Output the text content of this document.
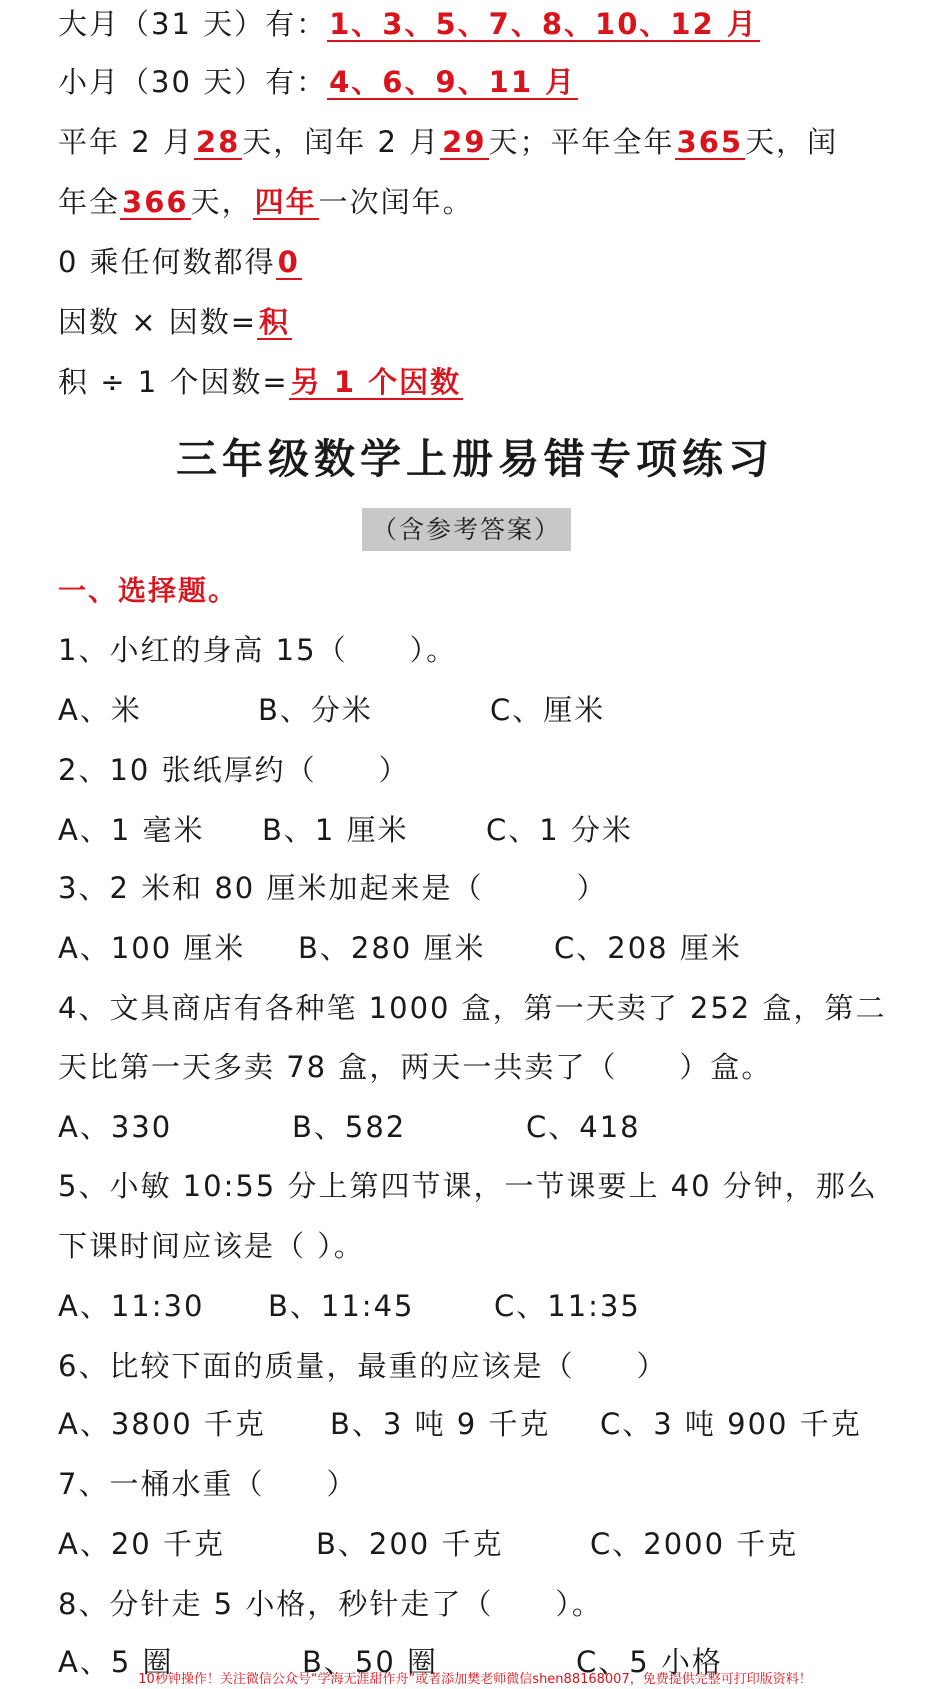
大月（31 天）有：1、3、5、7、8、10、12 月
小月（30 天）有：4、6、9、11 月
平年 2 月28天，闰年 2 月29天；平年全年365天，闰
年全366天，四年一次闰年。
0 乘任何数都得0
因数 × 因数=积
积 ÷ 1 个因数=另 1 个因数
三年级数学上册易错专项练习
（含参考答案）
一、选择题。
1、小红的身高 15（　　）。
A、米	B、分米	C、厘米
2、10 张纸厚约（　　）
A、1 毫米 B、1 厘米	C、1 分米
3、2 米和 80 厘米加起来是（　　　）
A、100 厘米 B、280 厘米 C、208 厘米
4、文具商店有各种笔 1000 盒，第一天卖了 252 盒，第二
天比第一天多卖 78 盒，两天一共卖了（　　）盒。
A、330	B、582	C、418
5、小敏 10:55 分上第四节课，一节课要上 40 分钟，那么
下课时间应该是（ ）。
A、11:30 B、11:45	C、11:35
6、比较下面的质量，最重的应该是（　　）
A、3800 千克 B、3 吨 9 千克 C、3 吨 900 千克
7、一桶水重（　　）
A、20 千克	B、200 千克	C、2000 千克
8、分针走 5 小格，秒针走了（　　）。
A、5 圈	B、50 圈	C、5 小格
10秒钟操作！关注微信公众号“学海无涯甜作舟”或者添加樊老师微信shen88168007，免费提供完整可打印版资料！
